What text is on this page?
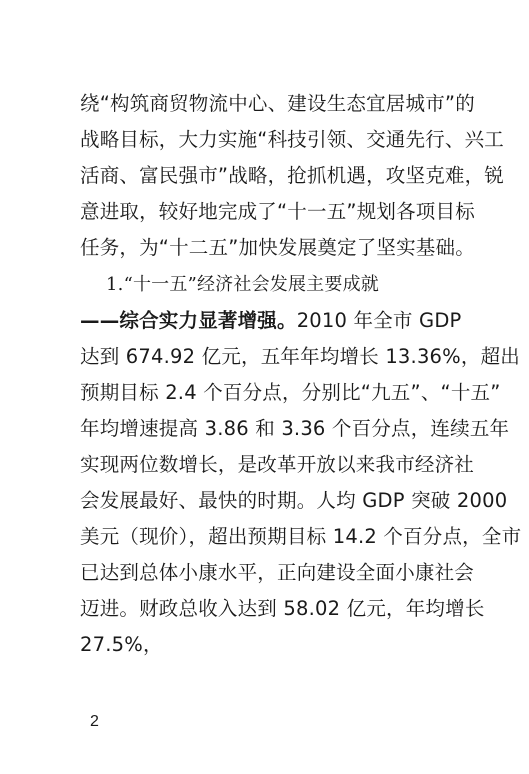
绕“构筑商贸物流中心、建设生态宜居城市”的
战略目标，大力实施“科技引领、交通先行、兴工
活商、富民强市”战略，抢抓机遇，攻坚克难，锐
意进取，较好地完成了“十一五”规划各项目标
任务，为“十二五”加快发展奠定了坚实基础。
1.“十一五”经济社会发展主要成就
——综合实力显著增强。2010 年全市 GDP
达到 674.92 亿元，五年年均增长 13.36%，超出
预期目标 2.4 个百分点，分别比“九五”、“十五”
年均增速提高 3.86 和 3.36 个百分点，连续五年
实现两位数增长，是改革开放以来我市经济社
会发展最好、最快的时期。人均 GDP 突破 2000
美元（现价），超出预期目标 14.2 个百分点，全市
已达到总体小康水平，正向建设全面小康社会
迈进。财政总收入达到 58.02 亿元，年均增长
27.5%，
2
